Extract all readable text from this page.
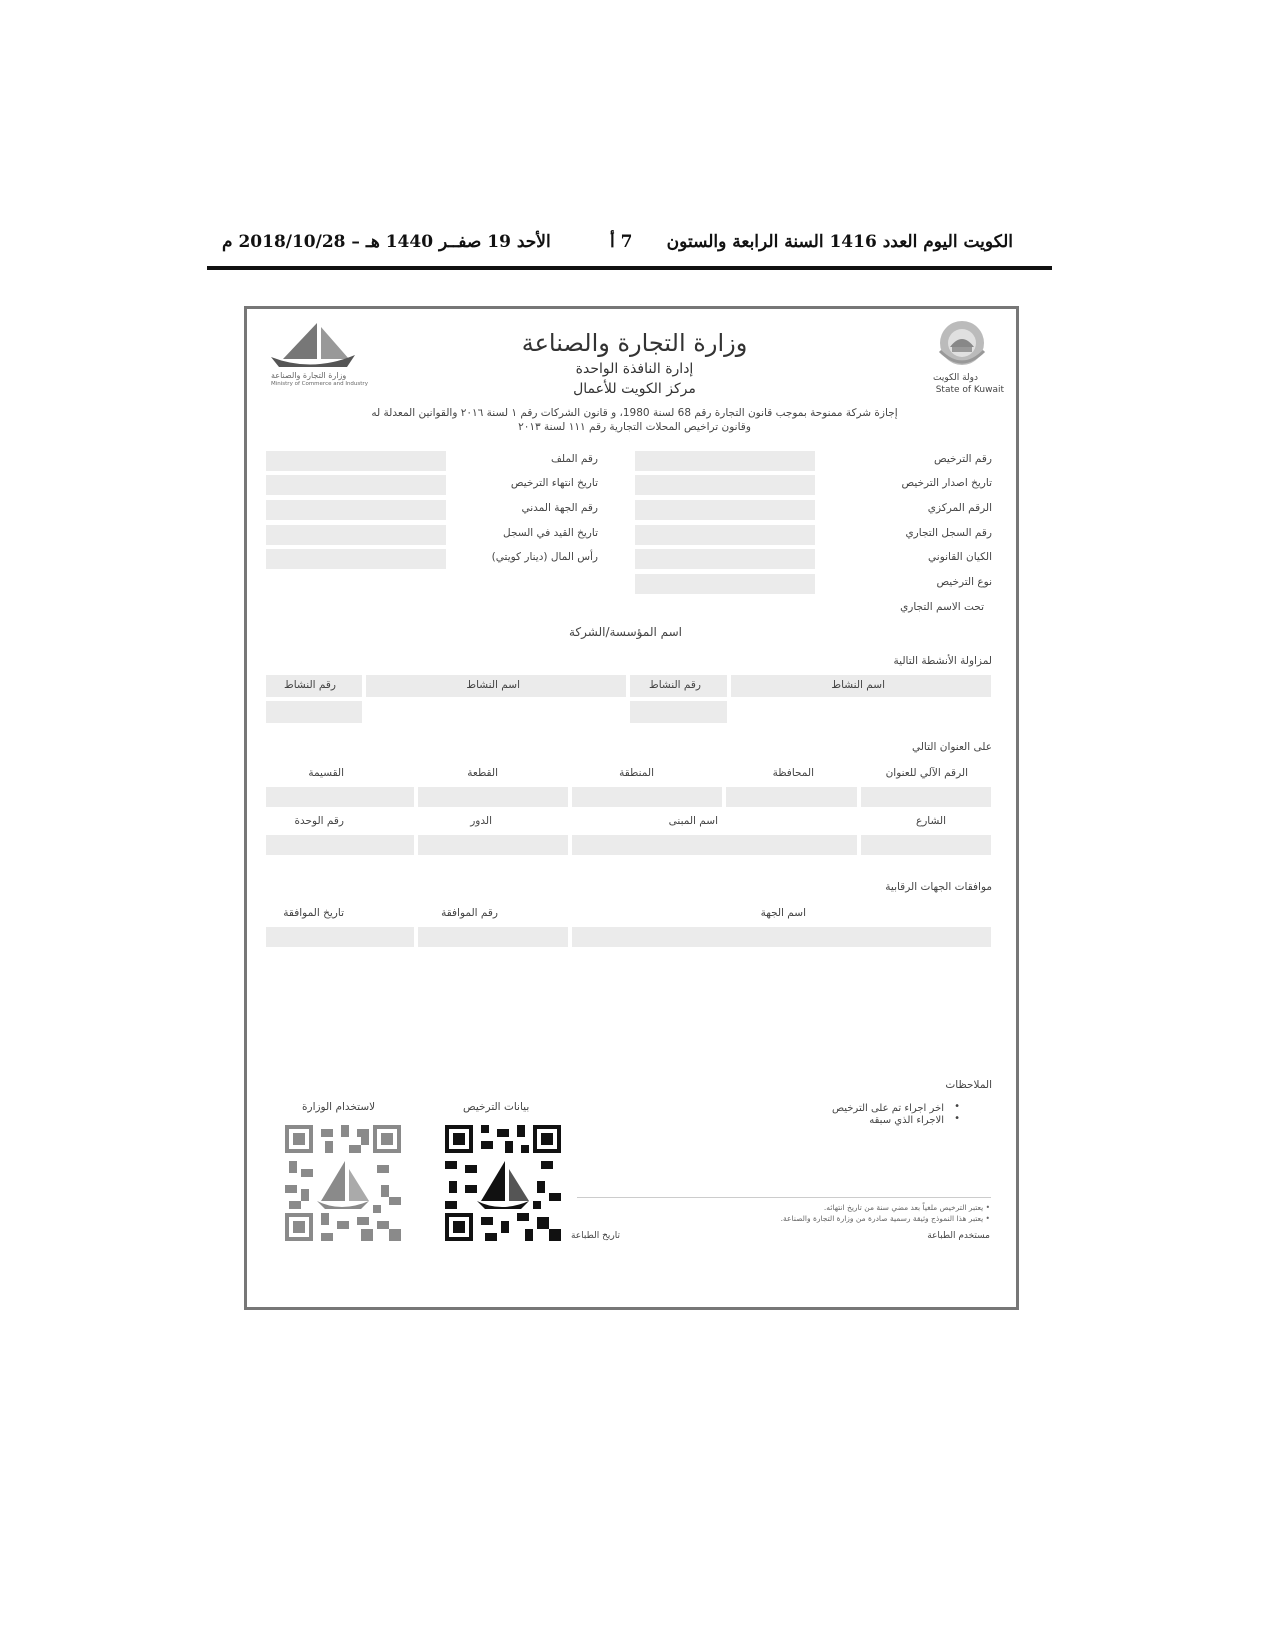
الكويت اليوم العدد 1416 السنة الرابعة والستون
7 أ
الأحد 19 صفــر 1440 هـ – 2018/10/28 م
دولة الكويت
State of Kuwait
وزارة التجارة والصناعة
Ministry of Commerce and Industry
وزارة التجارة والصناعة
إدارة النافذة الواحدة
مركز الكويت للأعمال
إجازة شركة ممنوحة بموجب قانون التجارة رقم 68 لسنة 1980، و قانون الشركات رقم ١ لسنة ٢٠١٦ والقوانين المعدلة له
وقانون تراخيص المحلات التجارية رقم ١١١ لسنة ٢٠١٣
رقم الترخيص
تاريخ اصدار الترخيص
الرقم المركزي
رقم السجل التجاري
الكيان القانوني
نوع الترخيص
رقم الملف
تاريخ انتهاء الترخيص
رقم الجهة المدني
تاريخ القيد في السجل
رأس المال (دينار كويتي)
تحت الاسم التجاري
اسم المؤسسة/الشركة
لمزاولة الأنشطة التالية
اسم النشاط
رقم النشاط
اسم النشاط
رقم النشاط
على العنوان التالي
الرقم الآلي للعنوان
المحافظة
المنطقة
القطعة
القسيمة
الشارع
اسم المبنى
الدور
رقم الوحدة
موافقات الجهات الرقابية
اسم الجهة
رقم الموافقة
تاريخ الموافقة
الملاحظات
اخر اجراء تم على الترخيص
الاجراء الذي سبقه
•
•
بيانات الترخيص
لاستخدام الوزارة
• يعتبر الترخيص ملغياً بعد مضي سنة من تاريخ انتهائه.
• يعتبر هذا النموذج وثيقة رسمية صادرة من وزارة التجارة والصناعة.
مستخدم الطباعة
تاريخ الطباعة
